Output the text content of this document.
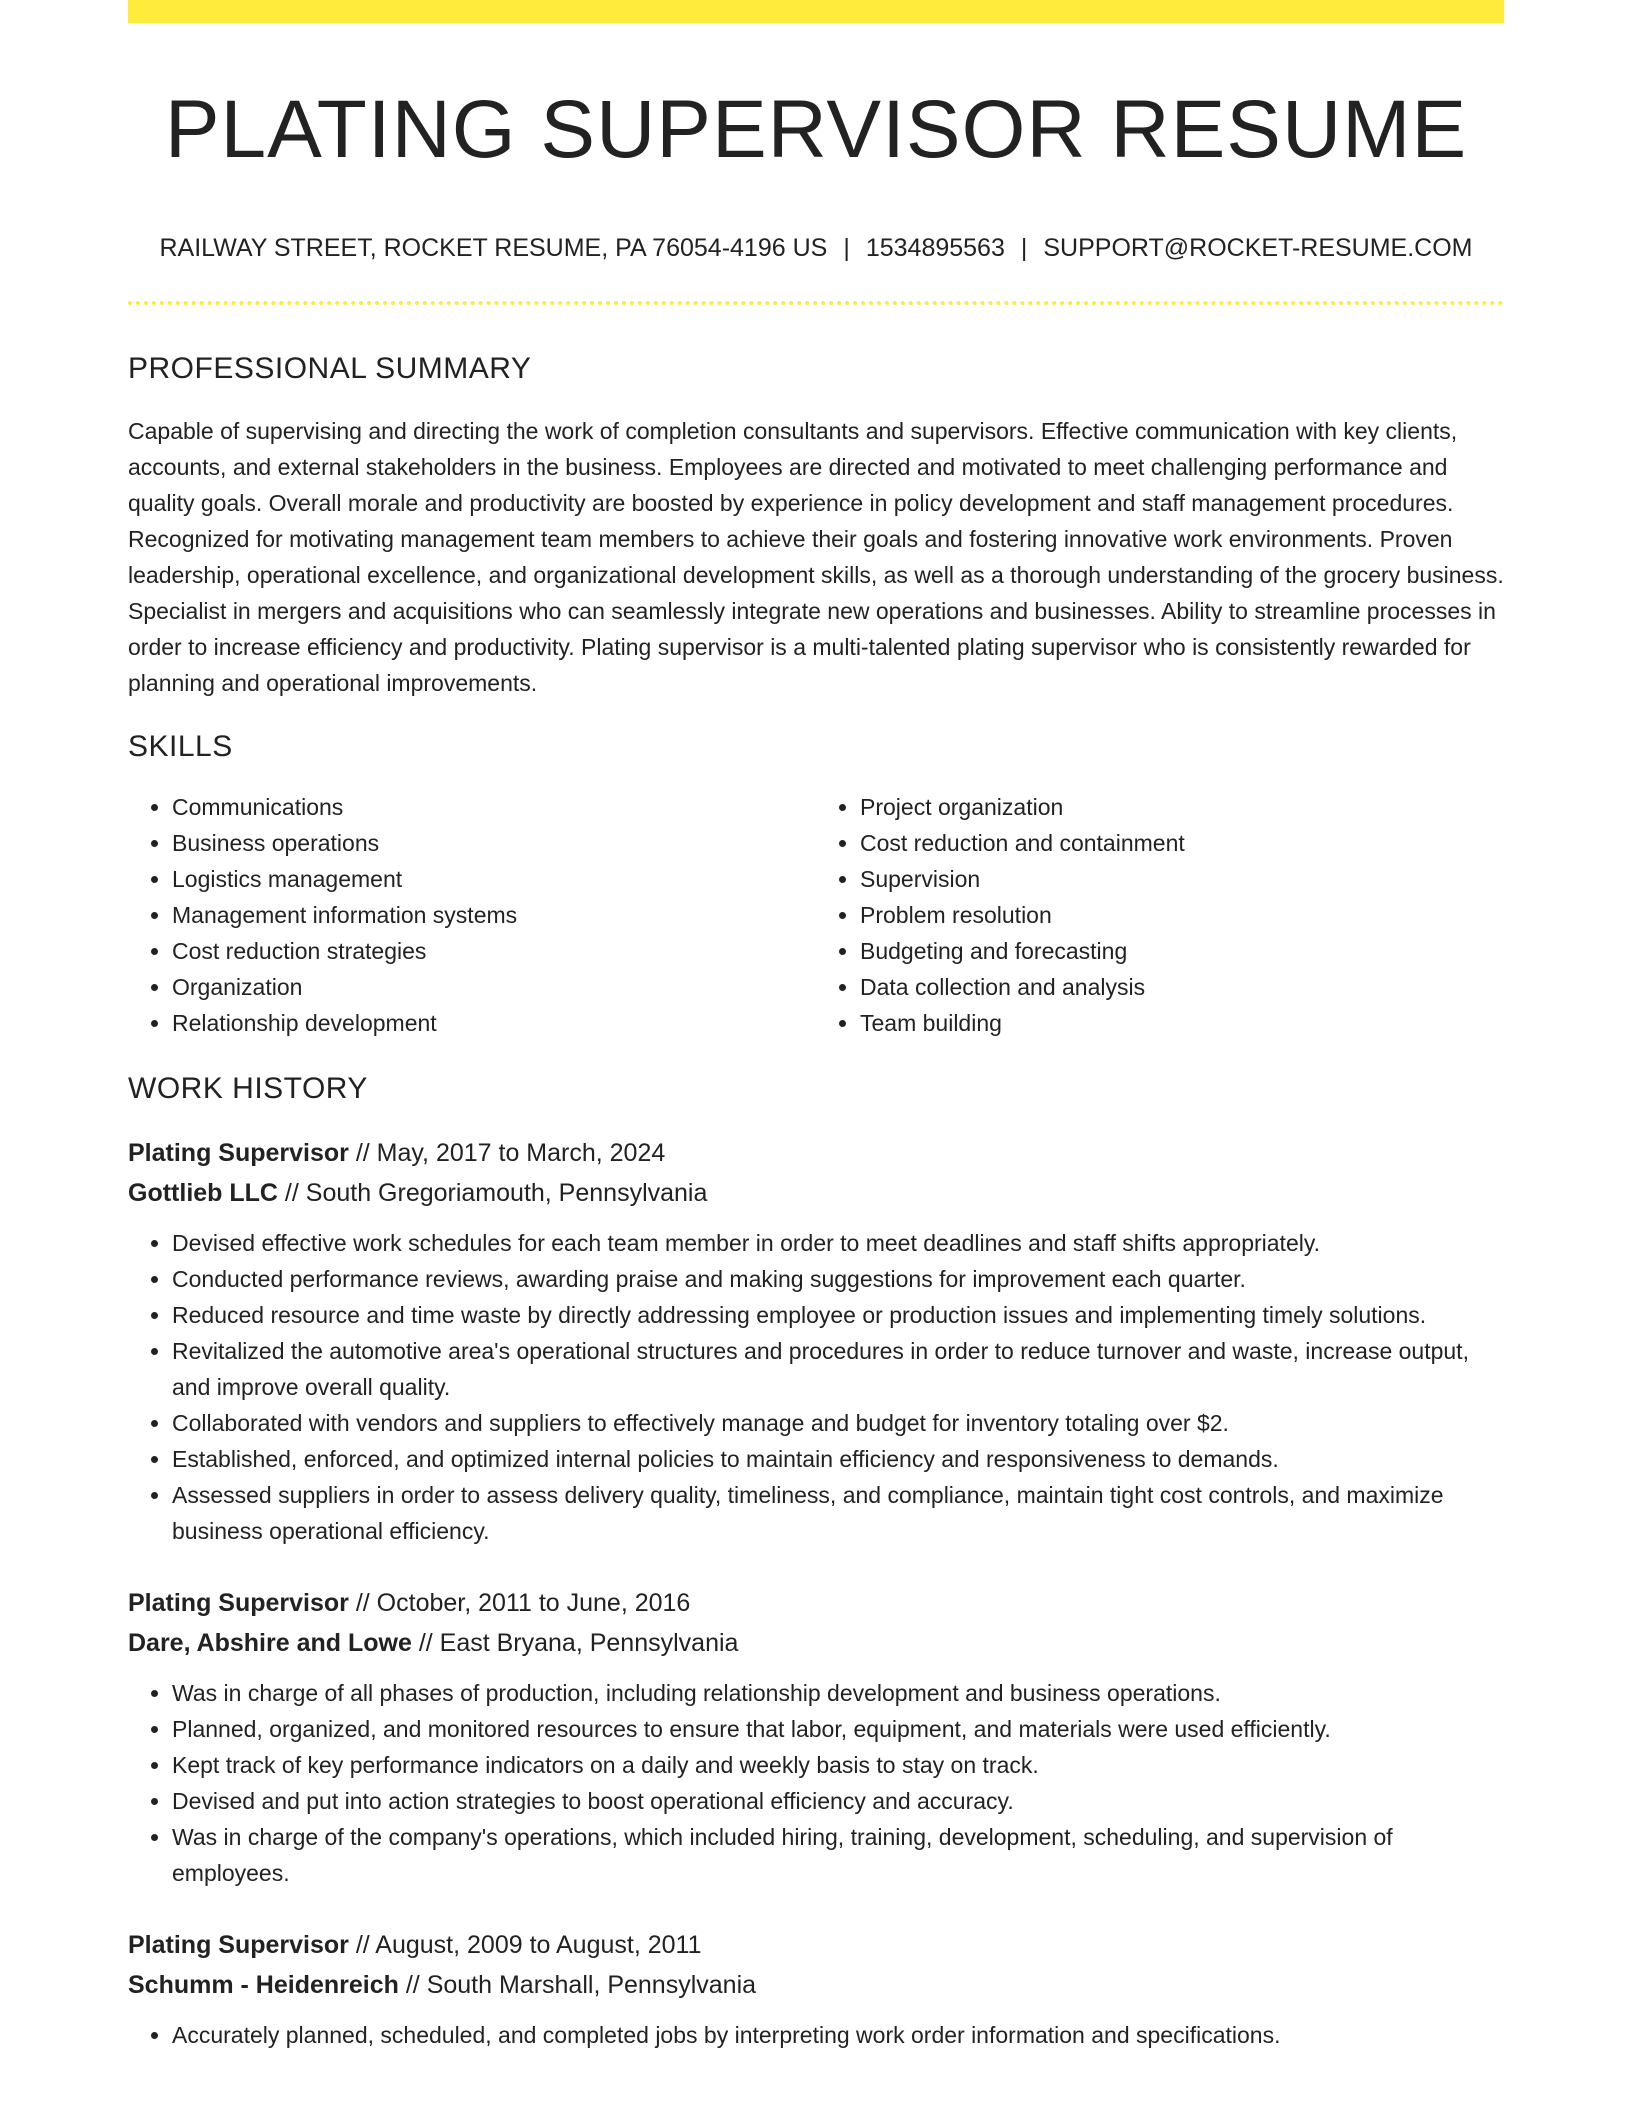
PLATING SUPERVISOR RESUME
RAILWAY STREET, ROCKET RESUME, PA 76054-4196 US | 1534895563 | SUPPORT@ROCKET-RESUME.COM
PROFESSIONAL SUMMARY

Capable of supervising and directing the work of completion consultants and supervisors. Effective communication with key clients, accounts, and external stakeholders in the business. Employees are directed and motivated to meet challenging performance and quality goals. Overall morale and productivity are boosted by experience in policy development and staff management procedures. Recognized for motivating management team members to achieve their goals and fostering innovative work environments. Proven leadership, operational excellence, and organizational development skills, as well as a thorough understanding of the grocery business. Specialist in mergers and acquisitions who can seamlessly integrate new operations and businesses. Ability to streamline processes in order to increase efficiency and productivity. Plating supervisor is a multi-talented plating supervisor who is consistently rewarded for planning and operational improvements.

SKILLS
• Communications
• Business operations
• Logistics management
• Management information systems
• Cost reduction strategies
• Organization
• Relationship development
• Project organization
• Cost reduction and containment
• Supervision
• Problem resolution
• Budgeting and forecasting
• Data collection and analysis
• Team building
WORK HISTORY
Plating Supervisor // May, 2017 to March, 2024
Gottlieb LLC // South Gregoriamouth, Pennsylvania
• Devised effective work schedules for each team member in order to meet deadlines and staff shifts appropriately.
• Conducted performance reviews, awarding praise and making suggestions for improvement each quarter.
• Reduced resource and time waste by directly addressing employee or production issues and implementing timely solutions.
• Revitalized the automotive area's operational structures and procedures in order to reduce turnover and waste, increase output, and improve overall quality.
• Collaborated with vendors and suppliers to effectively manage and budget for inventory totaling over $2.
• Established, enforced, and optimized internal policies to maintain efficiency and responsiveness to demands.
• Assessed suppliers in order to assess delivery quality, timeliness, and compliance, maintain tight cost controls, and maximize business operational efficiency.
Plating Supervisor // October, 2011 to June, 2016
Dare, Abshire and Lowe // East Bryana, Pennsylvania
• Was in charge of all phases of production, including relationship development and business operations.
• Planned, organized, and monitored resources to ensure that labor, equipment, and materials were used efficiently.
• Kept track of key performance indicators on a daily and weekly basis to stay on track.
• Devised and put into action strategies to boost operational efficiency and accuracy.
• Was in charge of the company's operations, which included hiring, training, development, scheduling, and supervision of employees.
Plating Supervisor // August, 2009 to August, 2011
Schumm - Heidenreich // South Marshall, Pennsylvania
• Accurately planned, scheduled, and completed jobs by interpreting work order information and specifications.
